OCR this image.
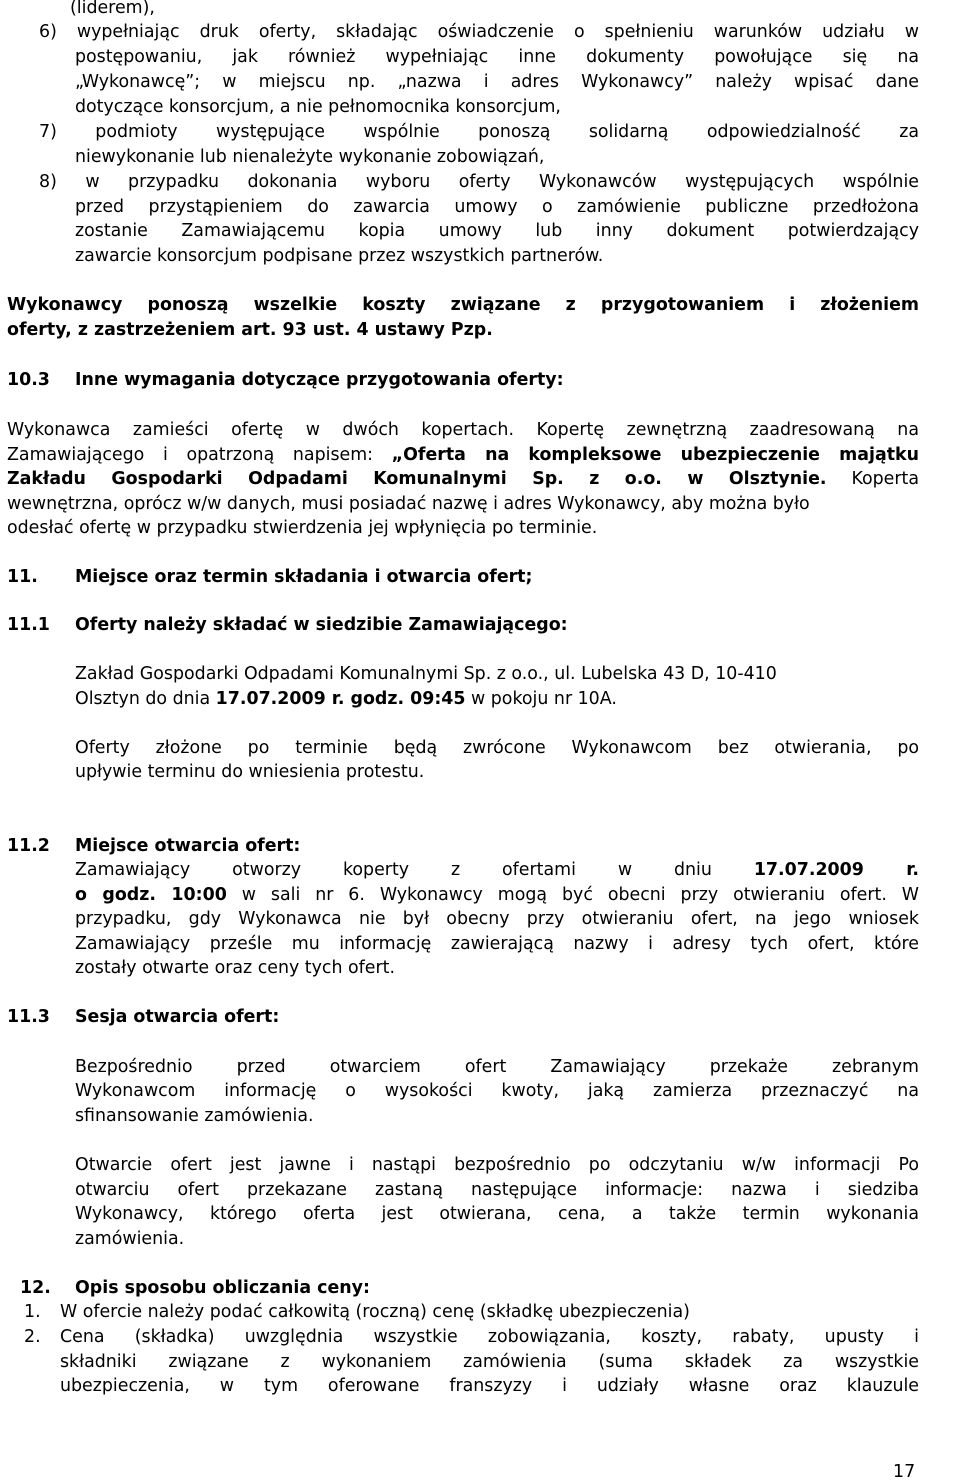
(liderem),
6) wypełniając druk oferty, składając oświadczenie o spełnieniu warunków udziału w
postępowaniu, jak również wypełniając inne dokumenty powołujące się na
„Wykonawcę”; w miejscu np. „nazwa i adres Wykonawcy” należy wpisać dane
dotyczące konsorcjum, a nie pełnomocnika konsorcjum,
7) podmioty występujące wspólnie ponoszą solidarną odpowiedzialność za
niewykonanie lub nienależyte wykonanie zobowiązań,
8) w przypadku dokonania wyboru oferty Wykonawców występujących wspólnie
przed przystąpieniem do zawarcia umowy o zamówienie publiczne przedłożona
zostanie Zamawiającemu kopia umowy lub inny dokument potwierdzający
zawarcie konsorcjum podpisane przez wszystkich partnerów.
Wykonawcy ponoszą wszelkie koszty związane z przygotowaniem i złożeniem
oferty, z zastrzeżeniem art. 93 ust. 4 ustawy Pzp.
10.3 Inne wymagania dotyczące przygotowania oferty:
Wykonawca zamieści ofertę w dwóch kopertach. Kopertę zewnętrzną zaadresowaną na
Zamawiającego i opatrzoną napisem: „Oferta na kompleksowe ubezpieczenie majątku
Zakładu Gospodarki Odpadami Komunalnymi Sp. z o.o. w Olsztynie. Koperta
wewnętrzna, oprócz w/w danych, musi posiadać nazwę i adres Wykonawcy, aby można było
odesłać ofertę w przypadku stwierdzenia jej wpłynięcia po terminie.
11. Miejsce oraz termin składania i otwarcia ofert;
11.1 Oferty należy składać w siedzibie Zamawiającego:
Zakład Gospodarki Odpadami Komunalnymi Sp. z o.o., ul. Lubelska 43 D, 10-410
Olsztyn do dnia 17.07.2009 r. godz. 09:45 w pokoju nr 10A.
Oferty złożone po terminie będą zwrócone Wykonawcom bez otwierania, po
upływie terminu do wniesienia protestu.
11.2 Miejsce otwarcia ofert:
Zamawiający otworzy koperty z ofertami w dniu 17.07.2009 r.
o godz. 10:00 w sali nr 6. Wykonawcy mogą być obecni przy otwieraniu ofert. W
przypadku, gdy Wykonawca nie był obecny przy otwieraniu ofert, na jego wniosek
Zamawiający prześle mu informację zawierającą nazwy i adresy tych ofert, które
zostały otwarte oraz ceny tych ofert.
11.3 Sesja otwarcia ofert:
Bezpośrednio przed otwarciem ofert Zamawiający przekaże zebranym
Wykonawcom informację o wysokości kwoty, jaką zamierza przeznaczyć na
sfinansowanie zamówienia.
Otwarcie ofert jest jawne i nastąpi bezpośrednio po odczytaniu w/w informacji Po
otwarciu ofert przekazane zastaną następujące informacje: nazwa i siedziba
Wykonawcy, którego oferta jest otwierana, cena, a także termin wykonania
zamówienia.
12. Opis sposobu obliczania ceny:
1. W ofercie należy podać całkowitą (roczną) cenę (składkę ubezpieczenia)
2. Cena (składka) uwzględnia wszystkie zobowiązania, koszty, rabaty, upusty i
składniki związane z wykonaniem zamówienia (suma składek za wszystkie
ubezpieczenia, w tym oferowane franszyzy i udziały własne oraz klauzule
17
